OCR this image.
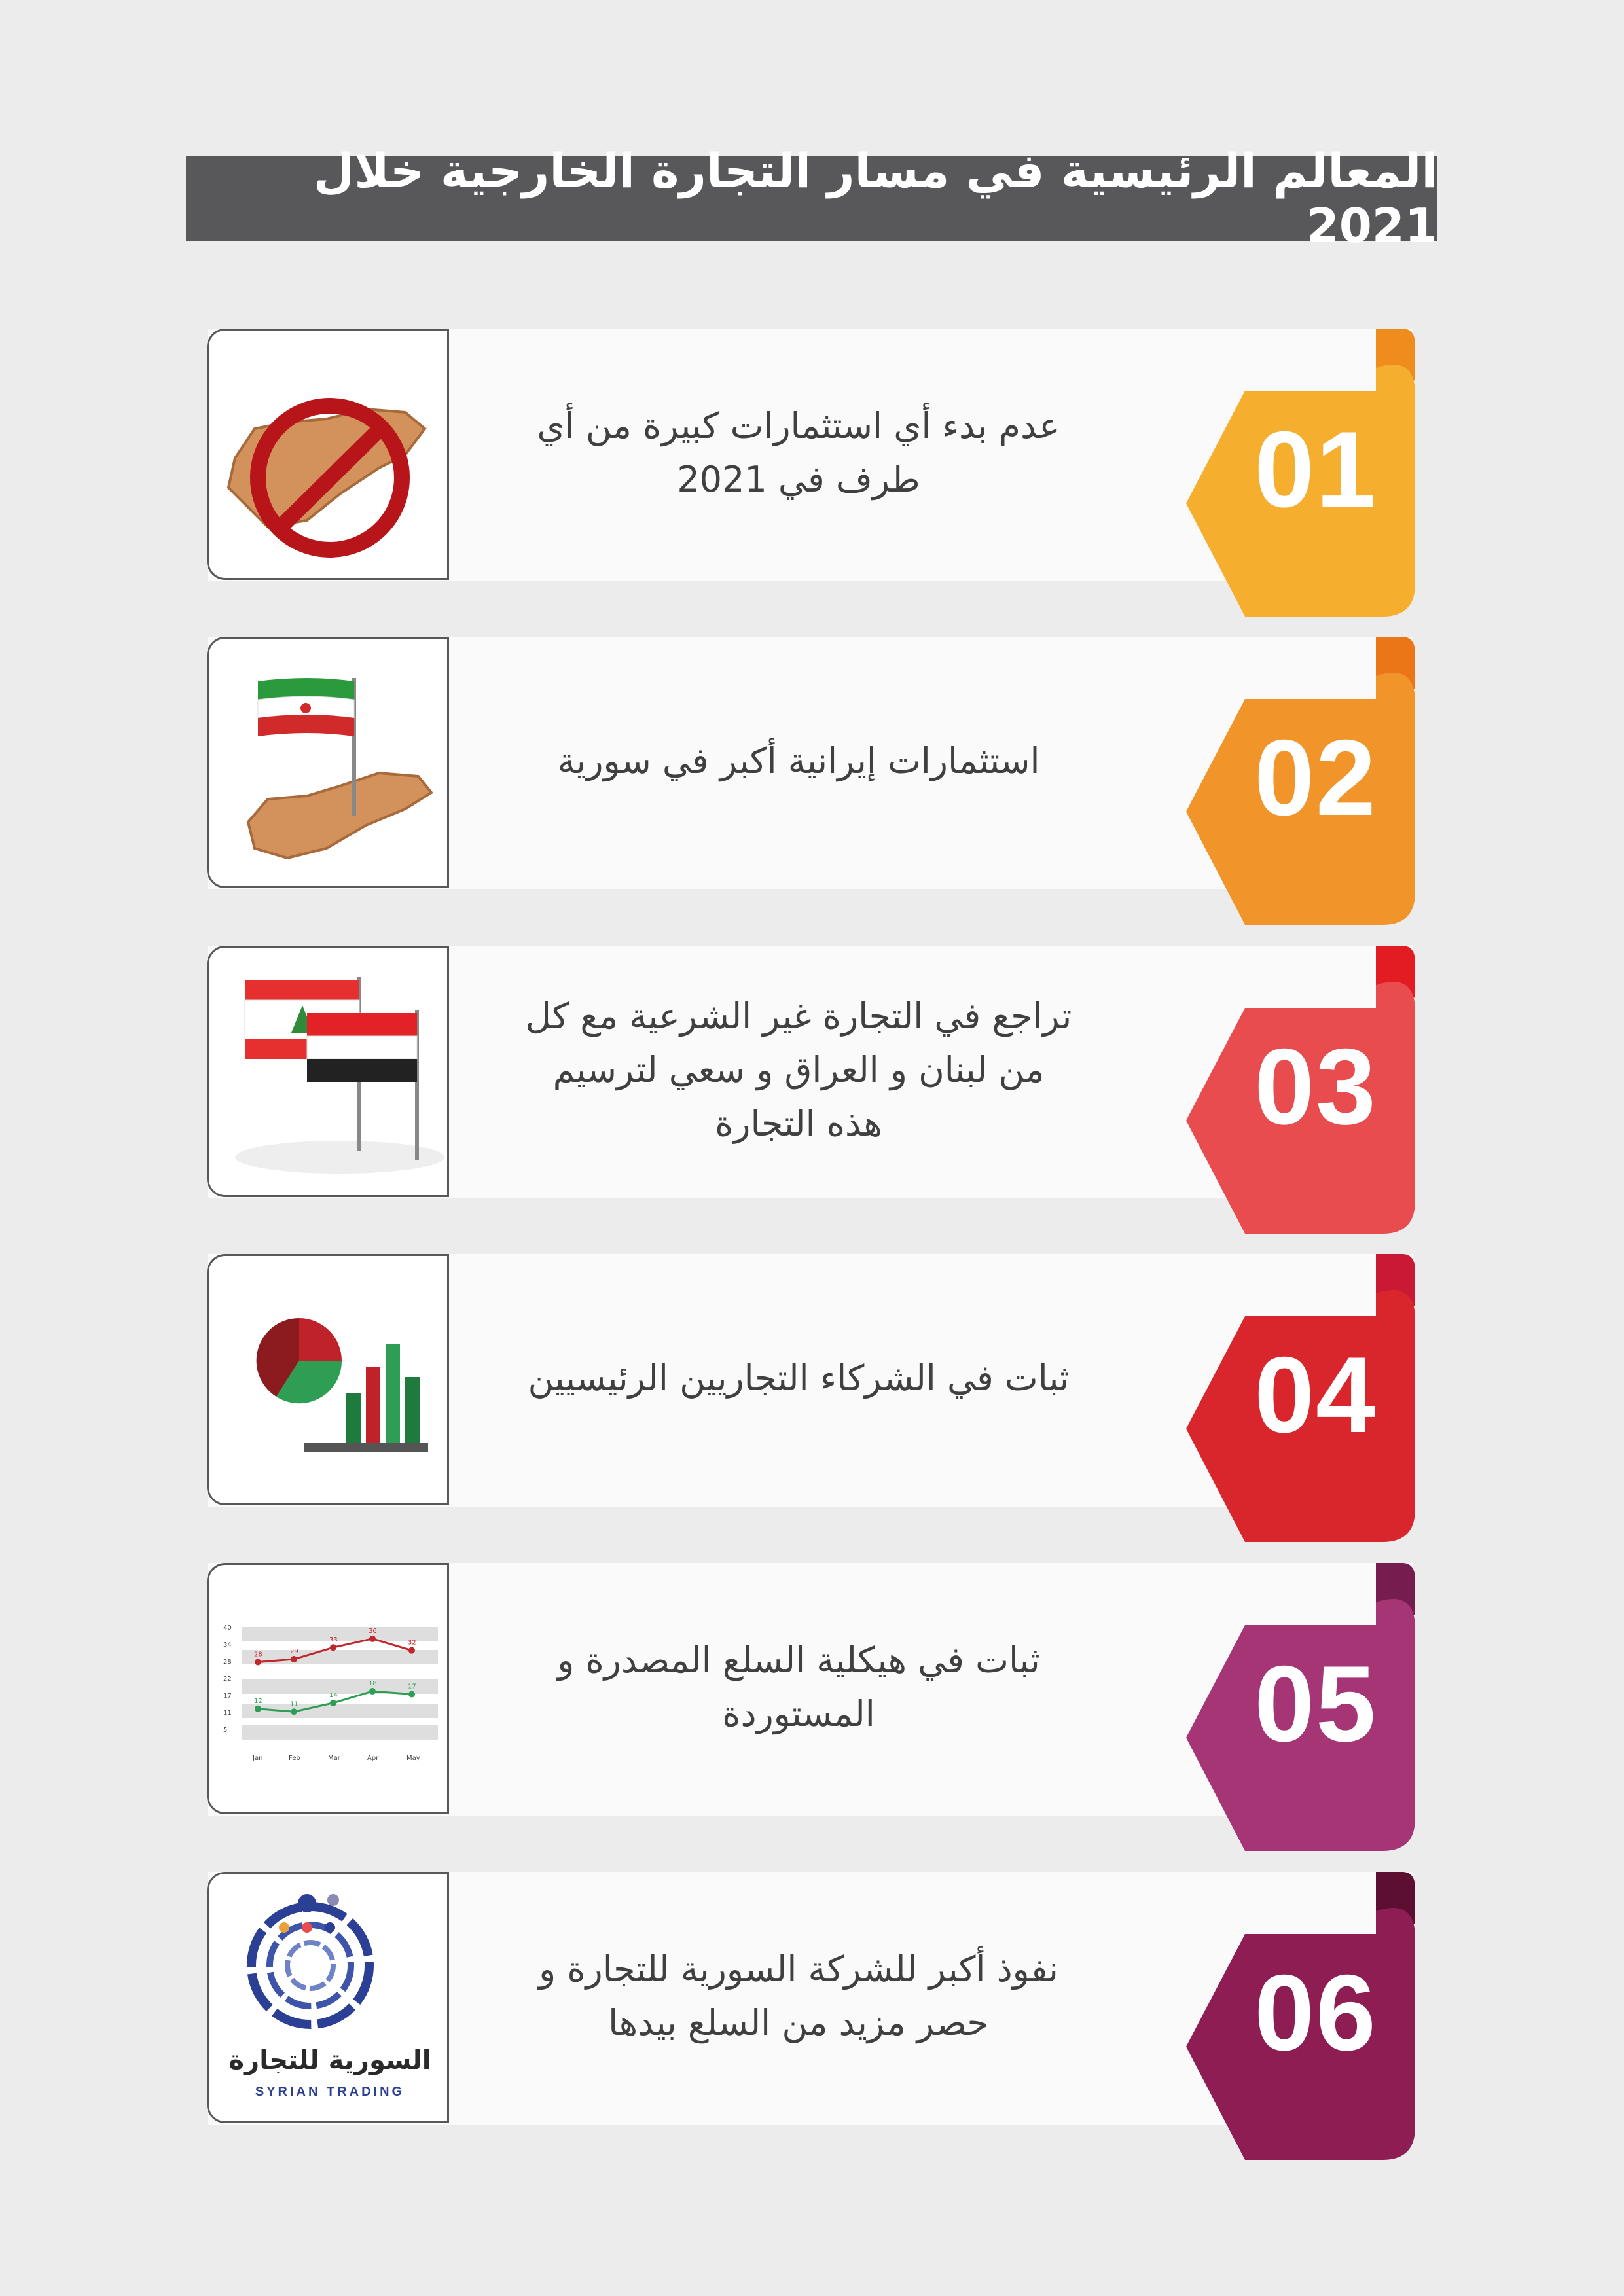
المعالم الرئيسية في مسار التجارة الخارجية خلال 2021
عدم بدء أي استثمارات كبيرة من أي
طرف في 2021	01
استثمارات إيرانية أكبر في سورية	02
تراجع في التجارة غير الشرعية مع كل
من لبنان و العراق و سعي لترسيم
هذه التجارة	03
ثبات في الشركاء التجاريين الرئيسيين 04
40
34
28
22
17
11
5
Jan	Feb	Mar	Apr	May
28	29
33
36
32
12	11
14
18	17
ثبات في هيكلية السلع المصدرة و
المستوردة	05
السورية للتجارة
SYRIAN TRADING
نفوذ أكبر للشركة السورية للتجارة و
حصر مزيد من السلع بيدها	06
